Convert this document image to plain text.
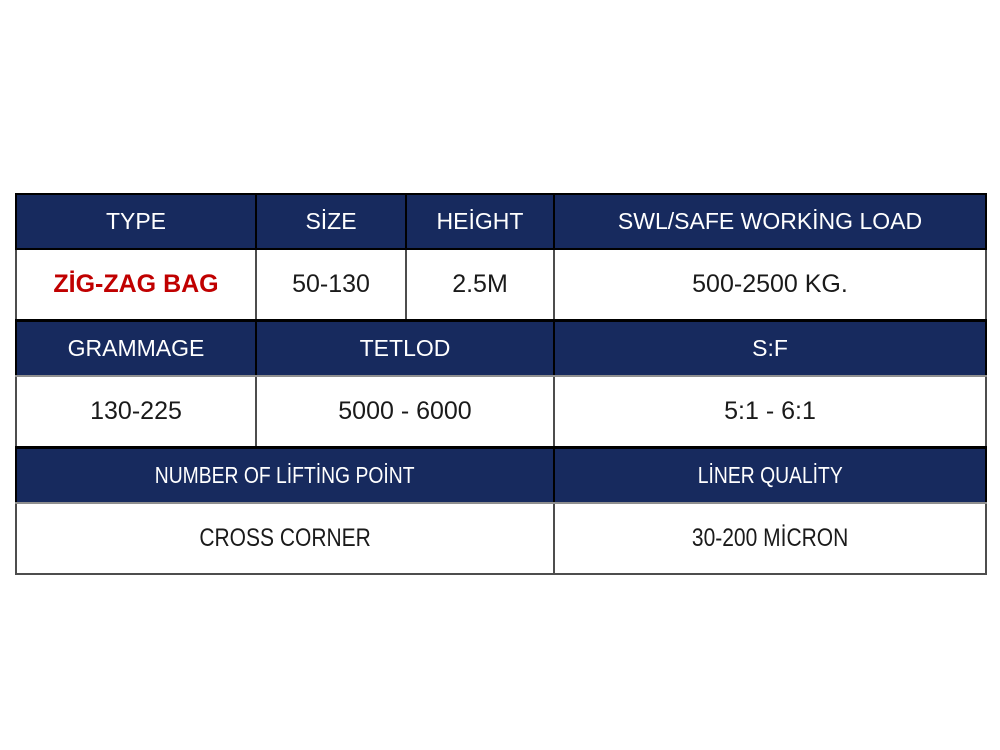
TYPE	SİZE	HEİGHT	SWL/SAFE WORKİNG LOAD
ZİG-ZAG BAG	50-130	2.5M	500-2500 KG.
GRAMMAGE	TETLOD		S:F
130-225	5000 - 6000		5:1 - 6:1
NUMBER OF LİFTİNG POİNT			LİNER QUALİTY
CROSS CORNER			30-200 MİCRON
